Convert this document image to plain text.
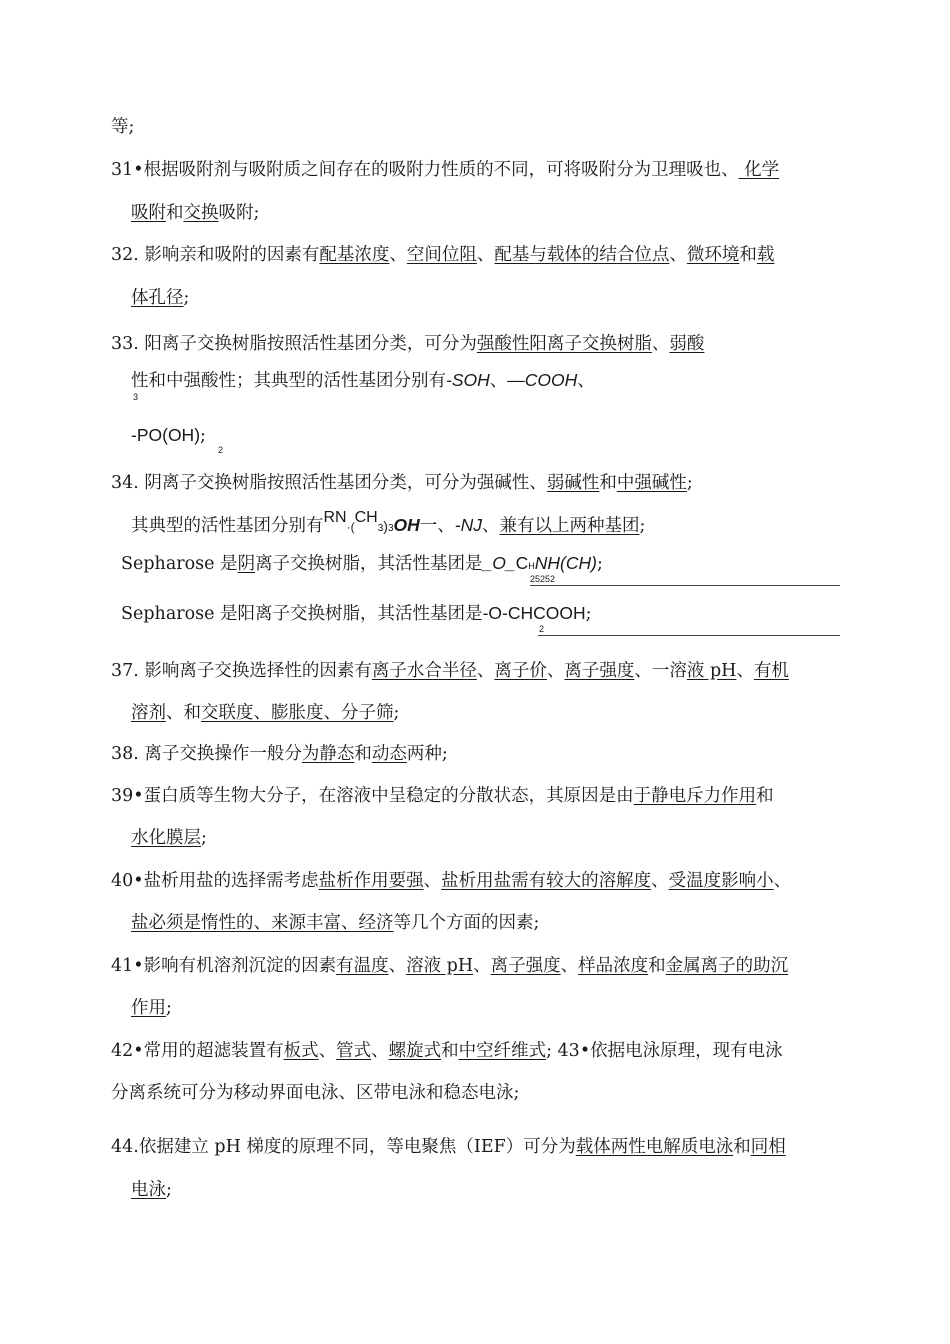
等;
31•根据吸附剂与吸附质之间存在的吸附力性质的不同，可将吸附分为卫理吸也、 化学
吸附和交换吸附;
32. 影响亲和吸附的因素有配基浓度、空间位阻、配基与载体的结合位点、微环境和载
体孔径;
33. 阳离子交换树脂按照活性基团分类，可分为强酸性阳离子交换树脂、弱酸
性和中强酸性；其典型的活性基团分别有-SOH、—COOH、
3
-PO(OH);
2
34. 阴离子交换树脂按照活性基团分类，可分为强碱性、弱碱性和中强碱性;
其典型的活性基团分别有RN·(CH3)3OH一、-NJ、兼有以上两种基团;
Sepharose 是阴离子交换树脂，其活性基团是_O_CHNH(CH);
25252
Sepharose 是阳离子交换树脂，其活性基团是-O-CHCOOH;
2
37. 影响离子交换选择性的因素有离子水合半径、离子价、离子强度、一溶液 pH、有机
溶剂、和交联度、膨胀度、分子筛;
38. 离子交换操作一般分为静态和动态两种;
39•蛋白质等生物大分子，在溶液中呈稳定的分散状态，其原因是由于静电斥力作用和
水化膜层;
40•盐析用盐的选择需考虑盐析作用要强、盐析用盐需有较大的溶解度、受温度影响小、
盐必须是惰性的、来源丰富、经济等几个方面的因素;
41•影响有机溶剂沉淀的因素有温度、溶液 pH、离子强度、样品浓度和金属离子的助沉
作用;
42•常用的超滤装置有板式、管式、螺旋式和中空纤维式; 43•依据电泳原理，现有电泳
分离系统可分为移动界面电泳、区带电泳和稳态电泳;
44.依据建立 pH 梯度的原理不同，等电聚焦（IEF）可分为载体两性电解质电泳和同相
电泳;
